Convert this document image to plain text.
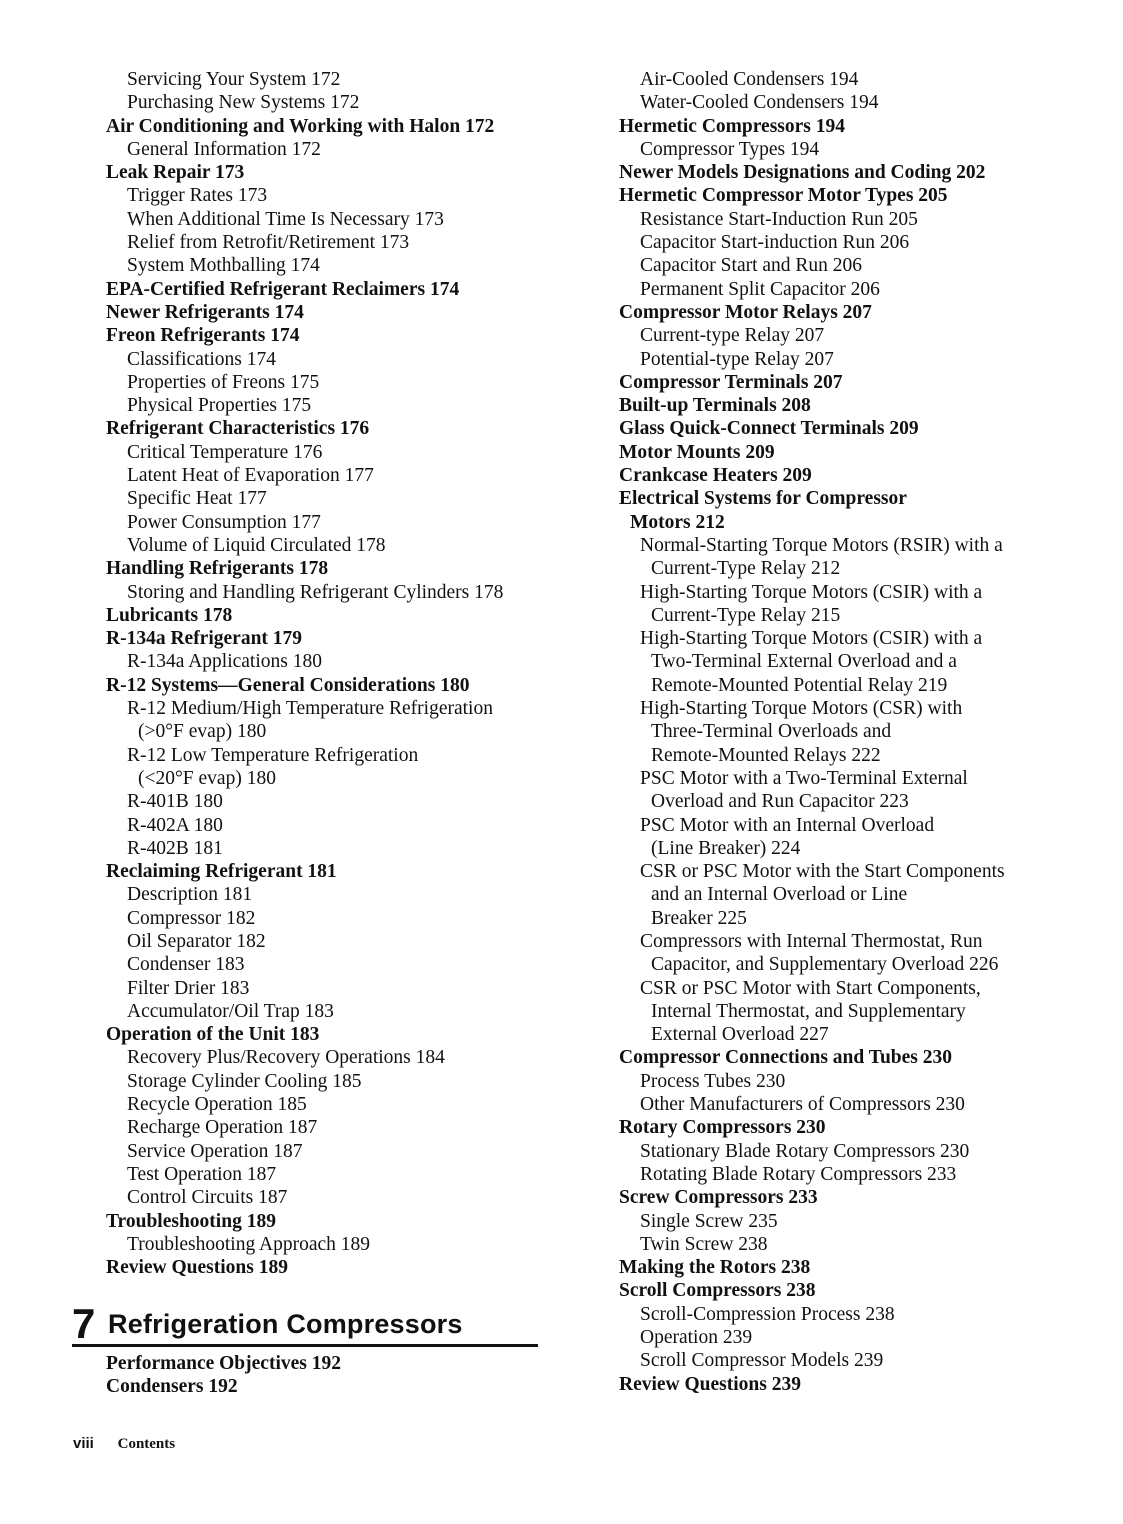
Servicing Your System 172
Purchasing New Systems 172
Air Conditioning and Working with Halon 172
General Information 172
Leak Repair 173
Trigger Rates 173
When Additional Time Is Necessary 173
Relief from Retrofit/Retirement 173
System Mothballing 174
EPA-Certified Refrigerant Reclaimers 174
Newer Refrigerants 174
Freon Refrigerants 174
Classifications 174
Properties of Freons 175
Physical Properties 175
Refrigerant Characteristics 176
Critical Temperature 176
Latent Heat of Evaporation 177
Specific Heat 177
Power Consumption 177
Volume of Liquid Circulated 178
Handling Refrigerants 178
Storing and Handling Refrigerant Cylinders 178
Lubricants 178
R-134a Refrigerant 179
R-134a Applications 180
R-12 Systems—General Considerations 180
R-12 Medium/High Temperature Refrigeration
(>0°F evap) 180
R-12 Low Temperature Refrigeration
(<20°F evap) 180
R-401B 180
R-402A 180
R-402B 181
Reclaiming Refrigerant 181
Description 181
Compressor 182
Oil Separator 182
Condenser 183
Filter Drier 183
Accumulator/Oil Trap 183
Operation of the Unit 183
Recovery Plus/Recovery Operations 184
Storage Cylinder Cooling 185
Recycle Operation 185
Recharge Operation 187
Service Operation 187
Test Operation 187
Control Circuits 187
Troubleshooting 189
Troubleshooting Approach 189
Review Questions 189
7 Refrigeration Compressors
Performance Objectives 192
Condensers 192
Air-Cooled Condensers 194
Water-Cooled Condensers 194
Hermetic Compressors 194
Compressor Types 194
Newer Models Designations and Coding 202
Hermetic Compressor Motor Types 205
Resistance Start-Induction Run 205
Capacitor Start-induction Run 206
Capacitor Start and Run 206
Permanent Split Capacitor 206
Compressor Motor Relays 207
Current-type Relay 207
Potential-type Relay 207
Compressor Terminals 207
Built-up Terminals 208
Glass Quick-Connect Terminals 209
Motor Mounts 209
Crankcase Heaters 209
Electrical Systems for Compressor
Motors 212
Normal-Starting Torque Motors (RSIR) with a
Current-Type Relay 212
High-Starting Torque Motors (CSIR) with a
Current-Type Relay 215
High-Starting Torque Motors (CSIR) with a
Two-Terminal External Overload and a
Remote-Mounted Potential Relay 219
High-Starting Torque Motors (CSR) with
Three-Terminal Overloads and
Remote-Mounted Relays 222
PSC Motor with a Two-Terminal External
Overload and Run Capacitor 223
PSC Motor with an Internal Overload
(Line Breaker) 224
CSR or PSC Motor with the Start Components
and an Internal Overload or Line
Breaker 225
Compressors with Internal Thermostat, Run
Capacitor, and Supplementary Overload 226
CSR or PSC Motor with Start Components,
Internal Thermostat, and Supplementary
External Overload 227
Compressor Connections and Tubes 230
Process Tubes 230
Other Manufacturers of Compressors 230
Rotary Compressors 230
Stationary Blade Rotary Compressors 230
Rotating Blade Rotary Compressors 233
Screw Compressors 233
Single Screw 235
Twin Screw 238
Making the Rotors 238
Scroll Compressors 238
Scroll-Compression Process 238
Operation 239
Scroll Compressor Models 239
Review Questions 239
viii Contents
